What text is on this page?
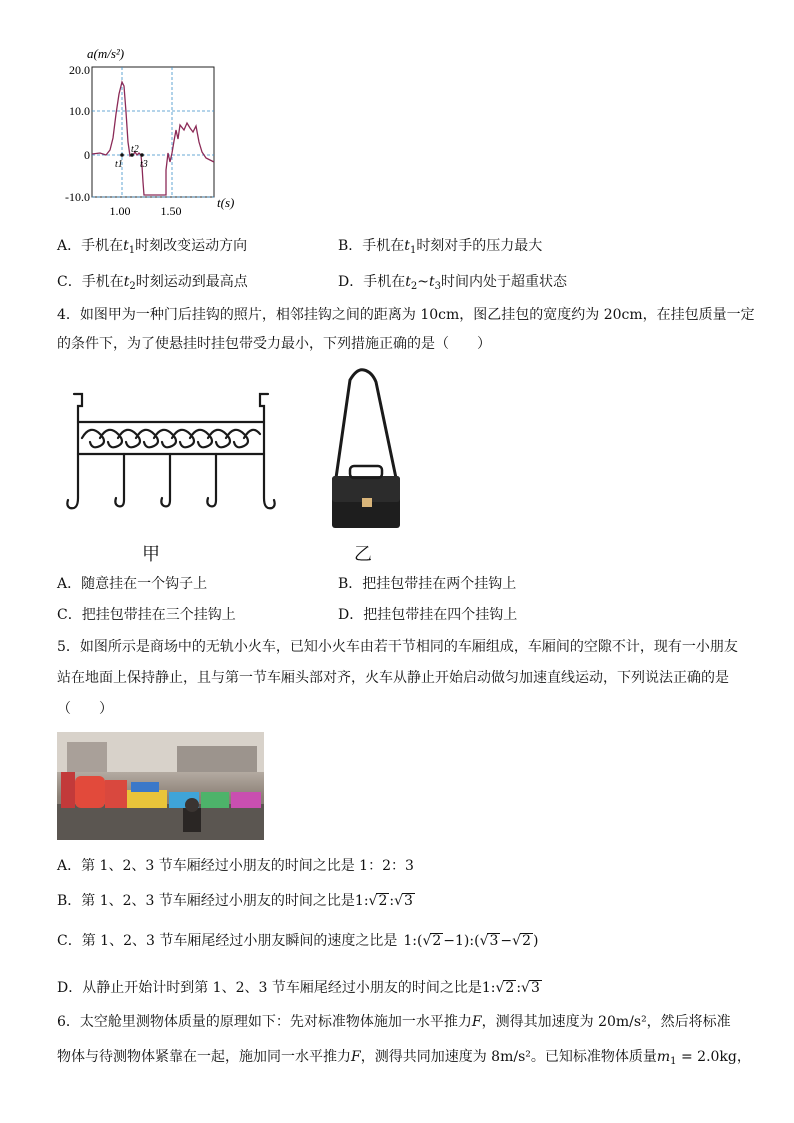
a(m/s²)
20.0
10.0
0
-10.0
1.00	1.50
t(s)
t1
t2
t3
A．手机在$t_1$时刻改变运动方向	B．手机在$t_1$时刻对手的压力最大
C．手机在$t_2$时刻运动到最高点	D．手机在$t_2\sim t_3$时间内处于超重状态
4．如图甲为一种门后挂钩的照片，相邻挂钩之间的距离为 10cm，图乙挂包的宽度约为 20cm，在挂包质量一定
的条件下，为了使悬挂时挂包带受力最小，下列措施正确的是（　　）
甲	乙
A．随意挂在一个钩子上	B．把挂包带挂在两个挂钩上
C．把挂包带挂在三个挂钩上	D．把挂包带挂在四个挂钩上
5．如图所示是商场中的无轨小火车，已知小火车由若干节相同的车厢组成，车厢间的空隙不计，现有一小朋友
站在地面上保持静止，且与第一节车厢头部对齐，火车从静止开始启动做匀加速直线运动，下列说法正确的是
（　　）
A．第 1、2、3 节车厢经过小朋友的时间之比是 1：2：3
B．第 1、2、3 节车厢经过小朋友的时间之比是1:√2 :√3
C．第 1、2、3 节车厢尾经过小朋友瞬间的速度之比是 1:(√2 −1):(√3 −√2 )
D．从静止开始计时到第 1、2、3 节车厢尾经过小朋友的时间之比是1:√2 :√3
6．太空舱里测物体质量的原理如下：先对标准物体施加一水平推力F，测得其加速度为 20m/s²，然后将标准
物体与待测物体紧靠在一起，施加同一水平推力F，测得共同加速度为 8m/s²。已知标准物体质量$m_1 = 2.0kg$，
